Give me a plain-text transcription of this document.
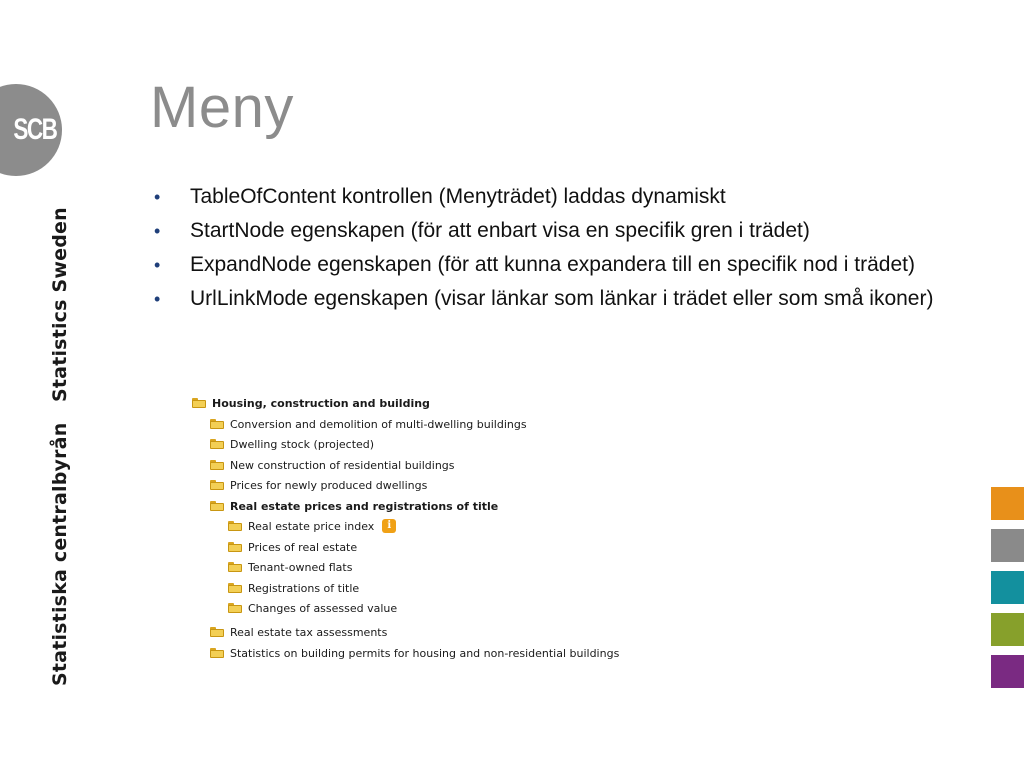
SCB
Statistics Sweden
Statistiska centralbyrån
Meny
• TableOfContent kontrollen (Menyträdet) laddas dynamiskt
• StartNode egenskapen (för att enbart visa en specifik gren i trädet)
• ExpandNode egenskapen (för att kunna expandera till en specifik nod i trädet)
• UrlLinkMode egenskapen (visar länkar som länkar i trädet eller som små ikoner)
Housing, construction and building
Conversion and demolition of multi-dwelling buildings
Dwelling stock (projected)
New construction of residential buildings
Prices for newly produced dwellings
Real estate prices and registrations of title
Real estate price index	i
Prices of real estate
Tenant-owned flats
Registrations of title
Changes of assessed value
Real estate tax assessments
Statistics on building permits for housing and non-residential buildings
